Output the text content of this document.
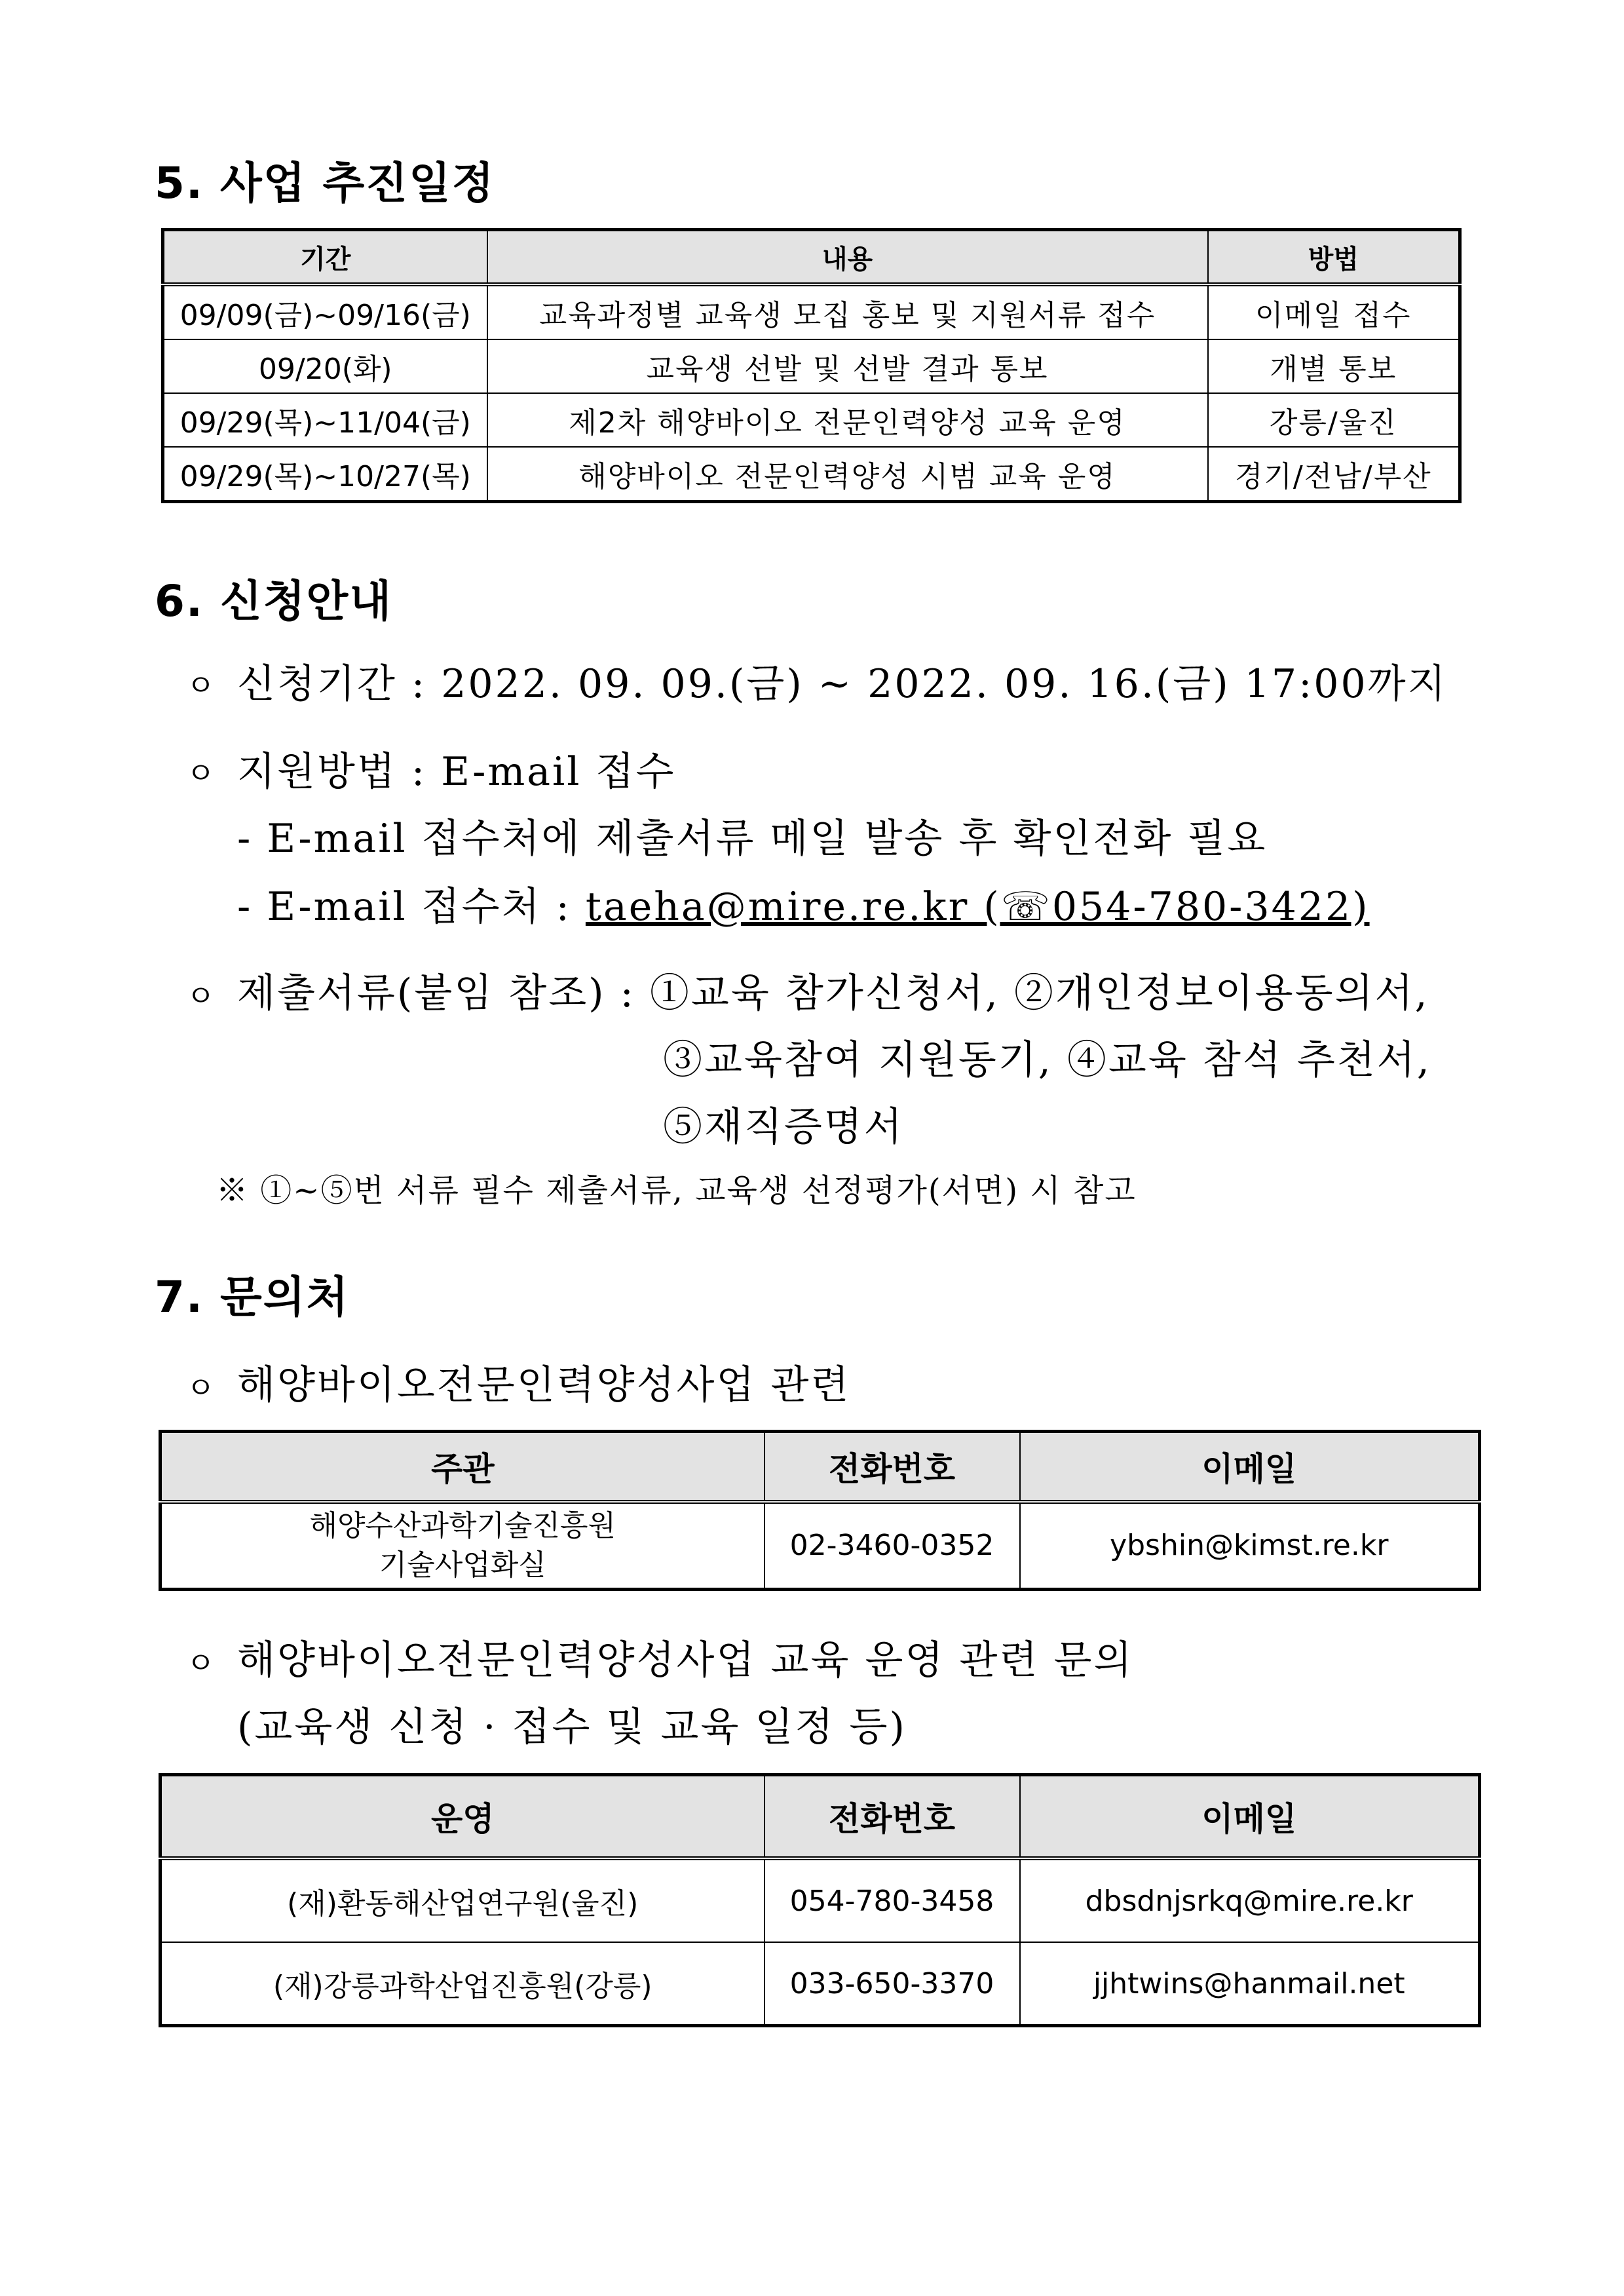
5. 사업 추진일정
기간	내용	방법
09/09(금)~09/16(금)	교육과정별 교육생 모집 홍보 및 지원서류 접수	이메일 접수
09/20(화)	교육생 선발 및 선발 결과 통보	개별 통보
09/29(목)~11/04(금)	제2차 해양바이오 전문인력양성 교육 운영	강릉/울진
09/29(목)~10/27(목)	해양바이오 전문인력양성 시범 교육 운영	경기/전남/부산
6. 신청안내
ㅇ 신청기간 : 2022. 09. 09.(금) ~ 2022. 09. 16.(금) 17:00까지
ㅇ 지원방법 : E-mail 접수
- E-mail 접수처에 제출서류 메일 발송 후 확인전화 필요
- E-mail 접수처 : taeha@mire.re.kr (☏054-780-3422)
ㅇ 제출서류(붙임 참조) : ①교육 참가신청서, ②개인정보이용동의서,
③교육참여 지원동기, ④교육 참석 추천서,
⑤재직증명서
※ ①~⑤번 서류 필수 제출서류, 교육생 선정평가(서면) 시 참고
7. 문의처
ㅇ 해양바이오전문인력양성사업 관련
주관	전화번호	이메일

해양수산과학기술진흥원
기술사업화실	02-3460-0352	ybshin@kimst.re.kr
ㅇ 해양바이오전문인력양성사업 교육 운영 관련 문의
(교육생 신청 · 접수 및 교육 일정 등)
운영	전화번호	이메일
(재)환동해산업연구원(울진)	054-780-3458	dbsdnjsrkq@mire.re.kr
(재)강릉과학산업진흥원(강릉)	033-650-3370	jjhtwins@hanmail.net
